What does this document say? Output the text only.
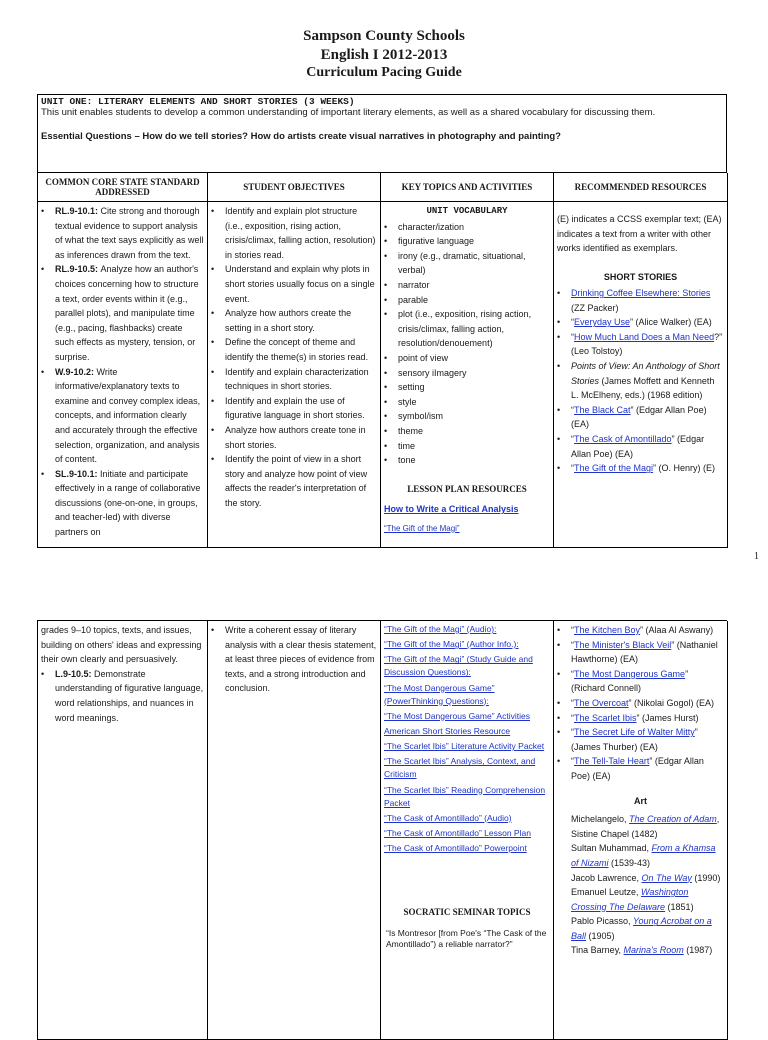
Sampson County Schools
English I 2012-2013
Curriculum Pacing Guide
UNIT ONE: LITERARY ELEMENTS AND SHORT STORIES (3 WEEKS)
This unit enables students to develop a common understanding of important literary elements, as well as a shared vocabulary for discussing them.
Essential Questions – How do we tell stories? How do artists create visual narratives in photography and painting?
COMMON CORE STATE STANDARD ADDRESSED
STUDENT OBJECTIVES	KEY TOPICS AND ACTIVITIES	RECOMMENDED RESOURCES
• RL.9-10.1: Cite strong and thorough textual evidence to support analysis of what the text says explicitly as well as inferences drawn from the text.
• RL.9-10.5: Analyze how an author's choices concerning how to structure a text, order events within it (e.g., parallel plots), and manipulate time (e.g., pacing, flashbacks) create such effects as mystery, tension, or surprise.
• W.9-10.2: Write informative/explanatory texts to examine and convey complex ideas, concepts, and information clearly and accurately through the effective selection, organization, and analysis of content.
• SL.9-10.1: Initiate and participate effectively in a range of collaborative discussions (one-on-one, in groups, and teacher-led) with diverse partners on
• Identify and explain plot structure (i.e., exposition, rising action, crisis/climax, falling action, resolution) in stories read.
• Understand and explain why plots in short stories usually focus on a single event.
• Analyze how authors create the setting in a short story.
• Define the concept of theme and identify the theme(s) in stories read.
• Identify and explain characterization techniques in short stories.
• Identify and explain the use of figurative language in short stories.
• Analyze how authors create tone in short stories.
• Identify the point of view in a short story and analyze how point of view affects the reader's interpretation of the story.
UNIT VOCABULARY
• character/ization
• figurative language
• irony (e.g., dramatic, situational, verbal)
• narrator
• parable
• plot (i.e., exposition, rising action, crisis/climax, falling action, resolution/denouement)
• point of view
• sensory iImagery
• setting
• style
• symbol/ism
• theme
• time
• tone
LESSON PLAN RESOURCES
How to Write a Critical Analysis
“The Gift of the Magi”
(E) indicates a CCSS exemplar text; (EA) indicates a text from a writer with other works identified as exemplars.
SHORT STORIES
• Drinking Coffee Elsewhere: Stories (ZZ Packer)
• “Everyday Use” (Alice Walker) (EA)
• “How Much Land Does a Man Need?” (Leo Tolstoy)
• Points of View: An Anthology of Short Stories (James Moffett and Kenneth L. McElheny, eds.) (1968 edition)
• “The Black Cat” (Edgar Allan Poe) (EA)
• “The Cask of Amontillado” (Edgar Allan Poe) (EA)
• “The Gift of the Magi” (O. Henry) (E)
1
grades 9–10 topics, texts, and issues, building on others' ideas and expressing their own clearly and persuasively.
• L.9-10.5: Demonstrate understanding of figurative language, word relationships, and nuances in word meanings.
• Write a coherent essay of literary analysis with a clear thesis statement, at least three pieces of evidence from texts, and a strong introduction and conclusion.
“The Gift of the Magi” (Audio):
“The Gift of the Magi” (Author Info.):
“The Gift of the Magi” (Study Guide and Discussion Questions):
“The Most Dangerous Game” (PowerThinking Questions):
“The Most Dangerous Game” Activities
American Short Stories Resource
“The Scarlet Ibis” Literature Activity Packet
“The Scarlet Ibis” Analysis, Context, and Criticism
“The Scarlet Ibis” Reading Comprehension Packet
“The Cask of Amontillado” (Audio)
“The Cask of Amontillado” Lesson Plan
“The Cask of Amontillado” Powerpoint
SOCRATIC SEMINAR TOPICS
“Is Montresor [from Poe's “The Cask of the Amontillado”) a reliable narrator?”
• “The Kitchen Boy” (Alaa Al Aswany)
• “The Minister's Black Veil” (Nathaniel Hawthorne) (EA)
• “The Most Dangerous Game” (Richard Connell)
• “The Overcoat” (Nikolai Gogol) (EA)
• “The Scarlet Ibis” (James Hurst)
• “The Secret Life of Walter Mitty” (James Thurber) (EA)
• “The Tell-Tale Heart” (Edgar Allan Poe) (EA)
Art
Michelangelo, The Creation of Adam, Sistine Chapel (1482)
Sultan Muhammad, From a Khamsa of Nizami (1539-43)
Jacob Lawrence, On The Way (1990)
Emanuel Leutze, Washington Crossing The Delaware (1851)
Pablo Picasso, Young Acrobat on a Ball (1905)
Tina Barney, Marina's Room (1987)
